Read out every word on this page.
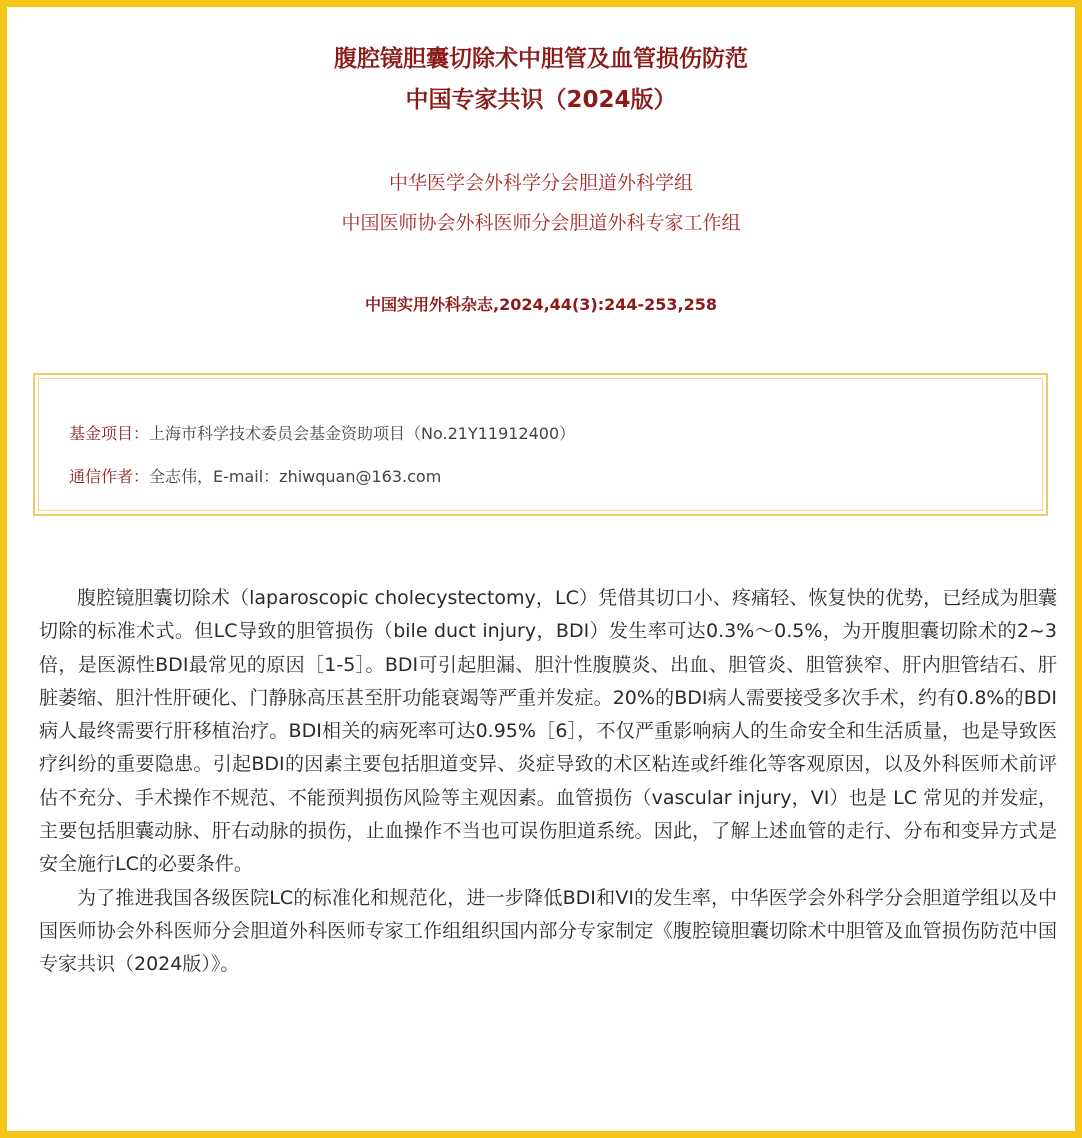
腹腔镜胆囊切除术中胆管及血管损伤防范
中国专家共识（2024版）
中华医学会外科学分会胆道外科学组
中国医师协会外科医师分会胆道外科专家工作组
中国实用外科杂志,2024,44(3):244-253,258
基金项目：上海市科学技术委员会基金资助项目（No.21Y11912400）
通信作者：全志伟，E-mail：zhiwquan@163.com

腹腔镜胆囊切除术（laparoscopic cholecystectomy，LC）凭借其切口小、疼痛轻、恢复快的优势，已经成为胆囊切除的标准术式。但LC导致的胆管损伤（bile duct injury，BDI）发生率可达0.3%～0.5%，为开腹胆囊切除术的2~3倍，是医源性BDI最常见的原因［1-5］。BDI可引起胆漏、胆汁性腹膜炎、出血、胆管炎、胆管狭窄、肝内胆管结石、肝脏萎缩、胆汁性肝硬化、门静脉高压甚至肝功能衰竭等严重并发症。20%的BDI病人需要接受多次手术，约有0.8%的BDI病人最终需要行肝移植治疗。BDI相关的病死率可达0.95%［6］，不仅严重影响病人的生命安全和生活质量，也是导致医疗纠纷的重要隐患。引起BDI的因素主要包括胆道变异、炎症导致的术区粘连或纤维化等客观原因，以及外科医师术前评估不充分、手术操作不规范、不能预判损伤风险等主观因素。血管损伤（vascular injury，VI）也是 LC 常见的并发症，主要包括胆囊动脉、肝右动脉的损伤，止血操作不当也可误伤胆道系统。因此，了解上述血管的走行、分布和变异方式是安全施行LC的必要条件。

为了推进我国各级医院LC的标准化和规范化，进一步降低BDI和VI的发生率，中华医学会外科学分会胆道学组以及中国医师协会外科医师分会胆道外科医师专家工作组组织国内部分专家制定《腹腔镜胆囊切除术中胆管及血管损伤防范中国专家共识（2024版）》。
